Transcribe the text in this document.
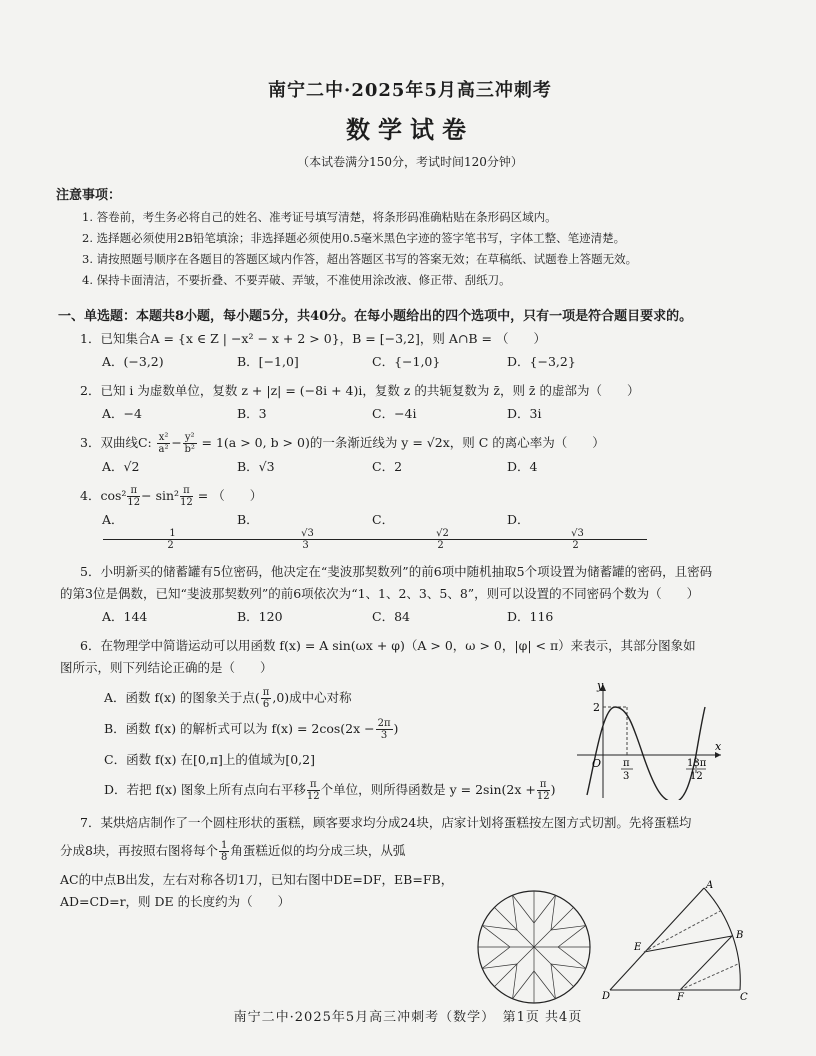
南宁二中·2025年5月高三冲刺考
数学试卷
（本试卷满分150分，考试时间120分钟）
注意事项：
1. 答卷前，考生务必将自己的姓名、准考证号填写清楚，将条形码准确粘贴在条形码区域内。
2. 选择题必须使用2B铅笔填涂；非选择题必须使用0.5毫米黑色字迹的签字笔书写，字体工整、笔迹清楚。
3. 请按照题号顺序在各题目的答题区域内作答，超出答题区书写的答案无效；在草稿纸、试题卷上答题无效。
4. 保持卡面清洁，不要折叠、不要弄破、弄皱，不准使用涂改液、修正带、刮纸刀。
一、单选题：本题共8小题，每小题5分，共40分。在每小题给出的四个选项中，只有一项是符合题目要求的。
1．已知集合A = {x ∈ Z | −x² − x + 2 > 0}，B = [−3,2]，则 A∩B = （　　）
A．(−3,2)	B．[−1,0]	C．{−1,0}	D．{−3,2}
2．已知 i 为虚数单位，复数 z + |z| = (−8i + 4)i，复数 z 的共轭复数为 z̄，则 z̄ 的虚部为（　　）
A．−4	B．3	C．−4i	D．3i
3．双曲线C: $\frac{\text{x²}}{\text{a²}} - \frac{\text{y²}}{\text{b²}} = 1(a > 0$, b > 0)的一条渐近线为 y = √2x，则 C 的离心率为（　　）
A．√2	B．√3	C．2	D．4
4．$\cos^2 \frac{\pi}{12} - \sin^2 \frac{\pi}{12}$ = （　　）
A．$\frac{1}{2}$
B．$\frac{√3}{3}$
C．$\frac{√2}{2}$
D．$\frac{√3}{2}$
5．小明新买的储蓄罐有5位密码，他决定在“斐波那契数列”的前6项中随机抽取5个项设置为储蓄罐的密码，且密码
的第3位是偶数，已知“斐波那契数列”的前6项依次为“1、1、2、3、5、8”，则可以设置的不同密码个数为（　　）
A．144	B．120	C．84	D．116
6．在物理学中简谐运动可以用函数 f(x) = A sin(ωx + φ)（A > 0，ω > 0，|φ| < π）来表示，其部分图象如
图所示，则下列结论正确的是（　　）
A．函数 f(x) 的图象关于点( $\frac{\pi}{6} ,0$)成中心对称
B．函数 f(x) 的解析式可以为 $f(x) = 2\cos(2x - \frac{2\pi}{3}$ )
C．函数 f(x) 在[0,π]上的值域为[0,2]
D．若把 f(x) 图象上所有点向右平移 $\frac{\pi}{12}$ 个单位，则所得函数是 $y = 2\sin(2x + \frac{\pi}{12}$ )
7．某烘焙店制作了一个圆柱形状的蛋糕，顾客要求均分成24块，店家计划将蛋糕按左图方式切割。先将蛋糕均
分成8块，再按照右图将每个 $\frac{1}{8}$ 角蛋糕近似的均分成三块，从弧
AC的中点B出发，左右对称各切1刀，已知右图中DE=DF，EB=FB，
AD=CD=r，则 DE 的长度约为（　　）
y
x
O
2
π
3
13π
12
A
B
C
D
E
F
南宁二中·2025年5月高三冲刺考（数学）　第1页 共4页
